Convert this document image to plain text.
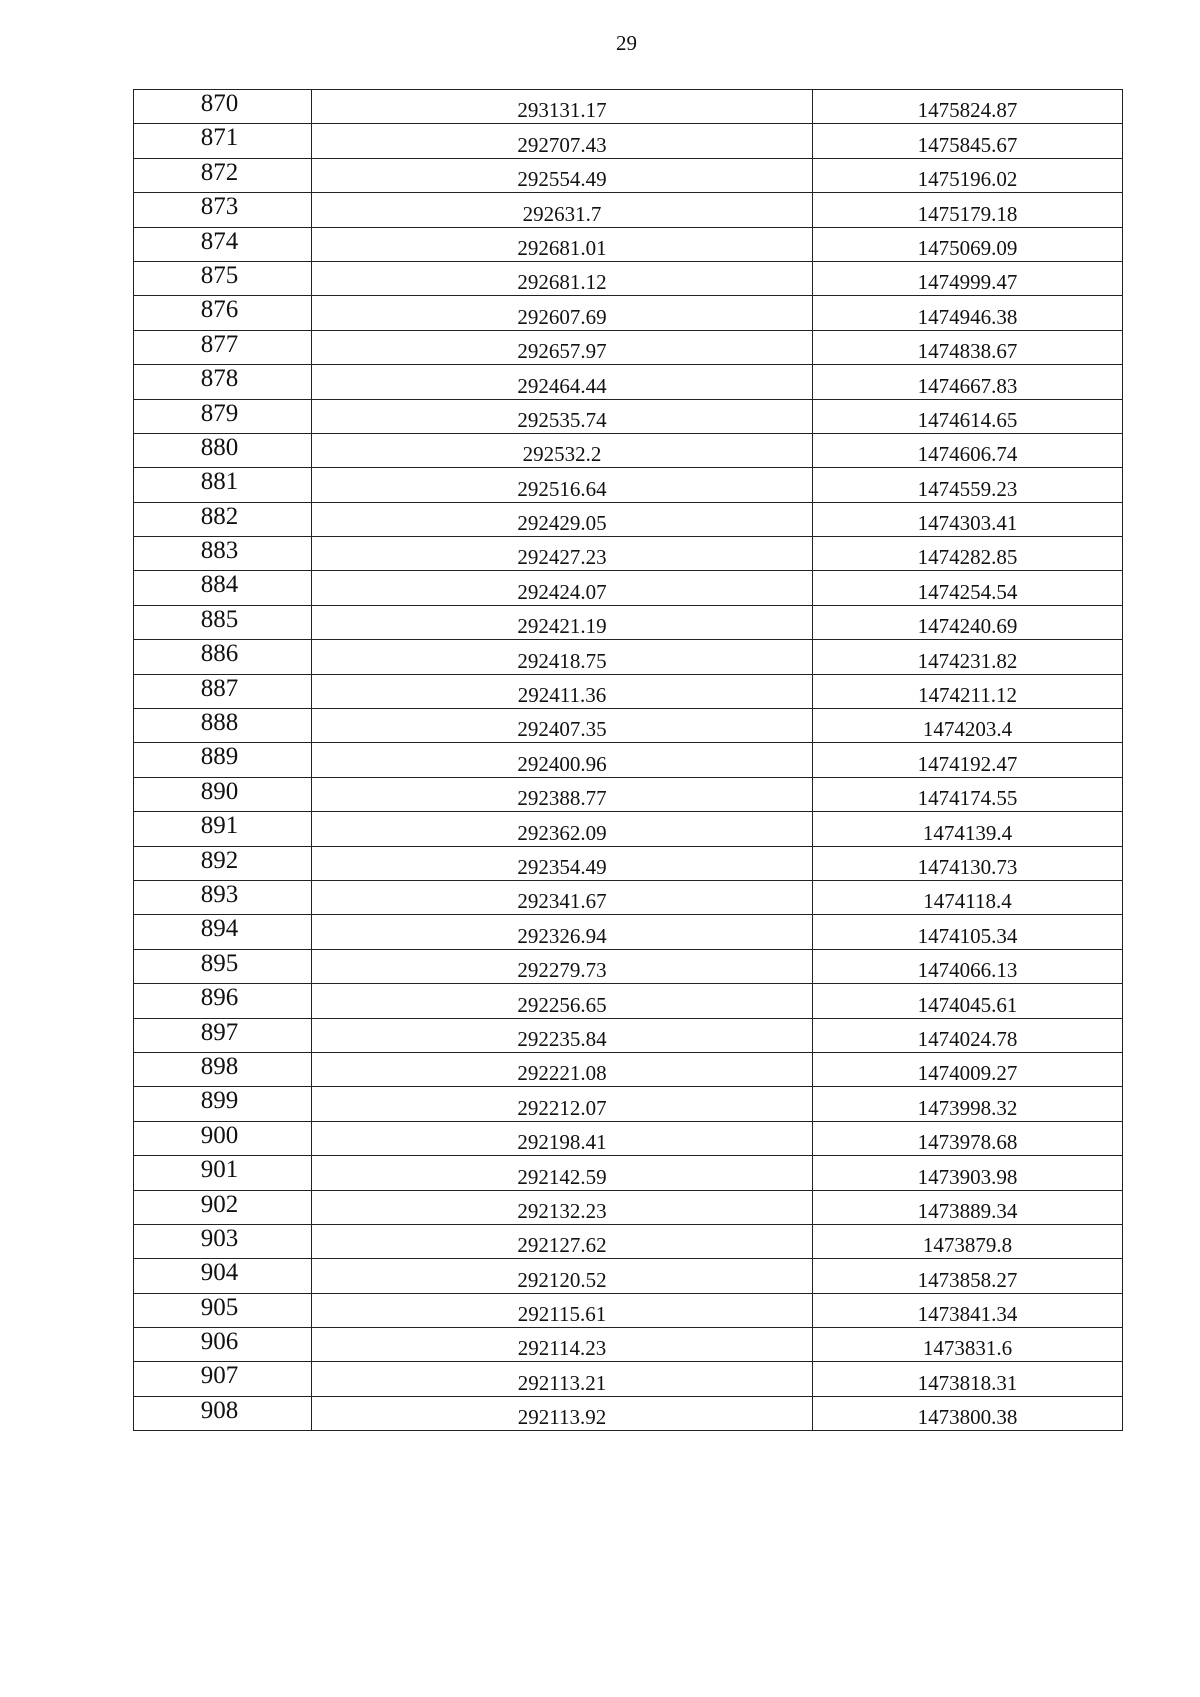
29
870	293131.17	1475824.87
871	292707.43	1475845.67
872	292554.49	1475196.02
873	292631.7	1475179.18
874	292681.01	1475069.09
875	292681.12	1474999.47
876	292607.69	1474946.38
877	292657.97	1474838.67
878	292464.44	1474667.83
879	292535.74	1474614.65
880	292532.2	1474606.74
881	292516.64	1474559.23
882	292429.05	1474303.41
883	292427.23	1474282.85
884	292424.07	1474254.54
885	292421.19	1474240.69
886	292418.75	1474231.82
887	292411.36	1474211.12
888	292407.35	1474203.4
889	292400.96	1474192.47
890	292388.77	1474174.55
891	292362.09	1474139.4
892	292354.49	1474130.73
893	292341.67	1474118.4
894	292326.94	1474105.34
895	292279.73	1474066.13
896	292256.65	1474045.61
897	292235.84	1474024.78
898	292221.08	1474009.27
899	292212.07	1473998.32
900	292198.41	1473978.68
901	292142.59	1473903.98
902	292132.23	1473889.34
903	292127.62	1473879.8
904	292120.52	1473858.27
905	292115.61	1473841.34
906	292114.23	1473831.6
907	292113.21	1473818.31
908	292113.92	1473800.38
